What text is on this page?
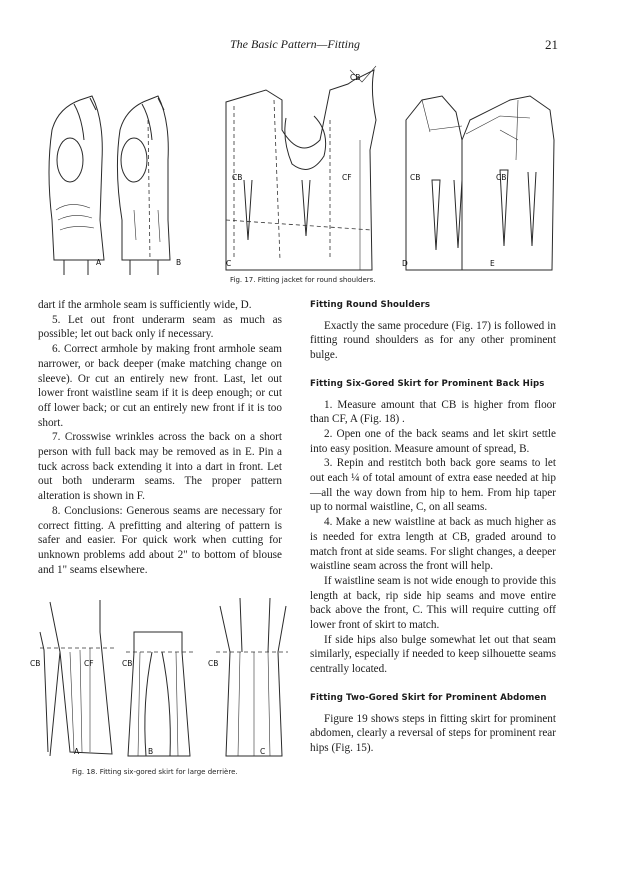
The Basic Pattern—Fitting	21
A	B
CB
CB	CF
C
CB	CB
D	E
Fig. 17. Fitting jacket for round shoulders.

dart if the armhole seam is sufficiently wide, D.

5. Let out front underarm seam as much as possible; let out back only if necessary.

6. Correct armhole by making front armhole seam narrower, or back deeper (make matching change on sleeve). Or cut an entirely new front. Last, let out lower front waistline seam if it is deep enough; or cut off lower back; or cut an entirely new front if it is too short.

7. Crosswise wrinkles across the back on a short person with full back may be removed as in E. Pin a tuck across back extending it into a dart in front. Let out both underarm seams. The proper pattern alteration is shown in F.

8. Conclusions: Generous seams are necessary for correct fitting. A prefitting and altering of pattern is safer and easier. For quick work when cutting for unknown problems add about 2" to bottom of blouse and 1" seams elsewhere.

CB	CF
A
CB
B
CB
C
Fig. 18. Fitting six-gored skirt for large derrière.
Fitting Round Shoulders

Exactly the same procedure (Fig. 17) is followed in fitting round shoulders as for any other prominent bulge.

Fitting Six-Gored Skirt for Prominent Back Hips

1. Measure amount that CB is higher from floor than CF, A (Fig. 18) .

2. Open one of the back seams and let skirt settle into easy position. Measure amount of spread, B.

3. Repin and restitch both back gore seams to let out each ¼ of total amount of extra ease needed at hip—all the way down from hip to hem. From hip taper up to normal waistline, C, on all seams.

4. Make a new waistline at back as much higher as is needed for extra length at CB, graded around to match front at side seams. For slight changes, a deeper waistline seam across the front will help.

If waistline seam is not wide enough to provide this length at back, rip side hip seams and move entire back above the front, C. This will require cutting off lower front of skirt to match.

If side hips also bulge somewhat let out that seam similarly, especially if needed to keep silhouette seams centrally located.

Fitting Two-Gored Skirt for Prominent Abdomen

Figure 19 shows steps in fitting skirt for prominent abdomen, clearly a reversal of steps for prominent rear hips (Fig. 15).
